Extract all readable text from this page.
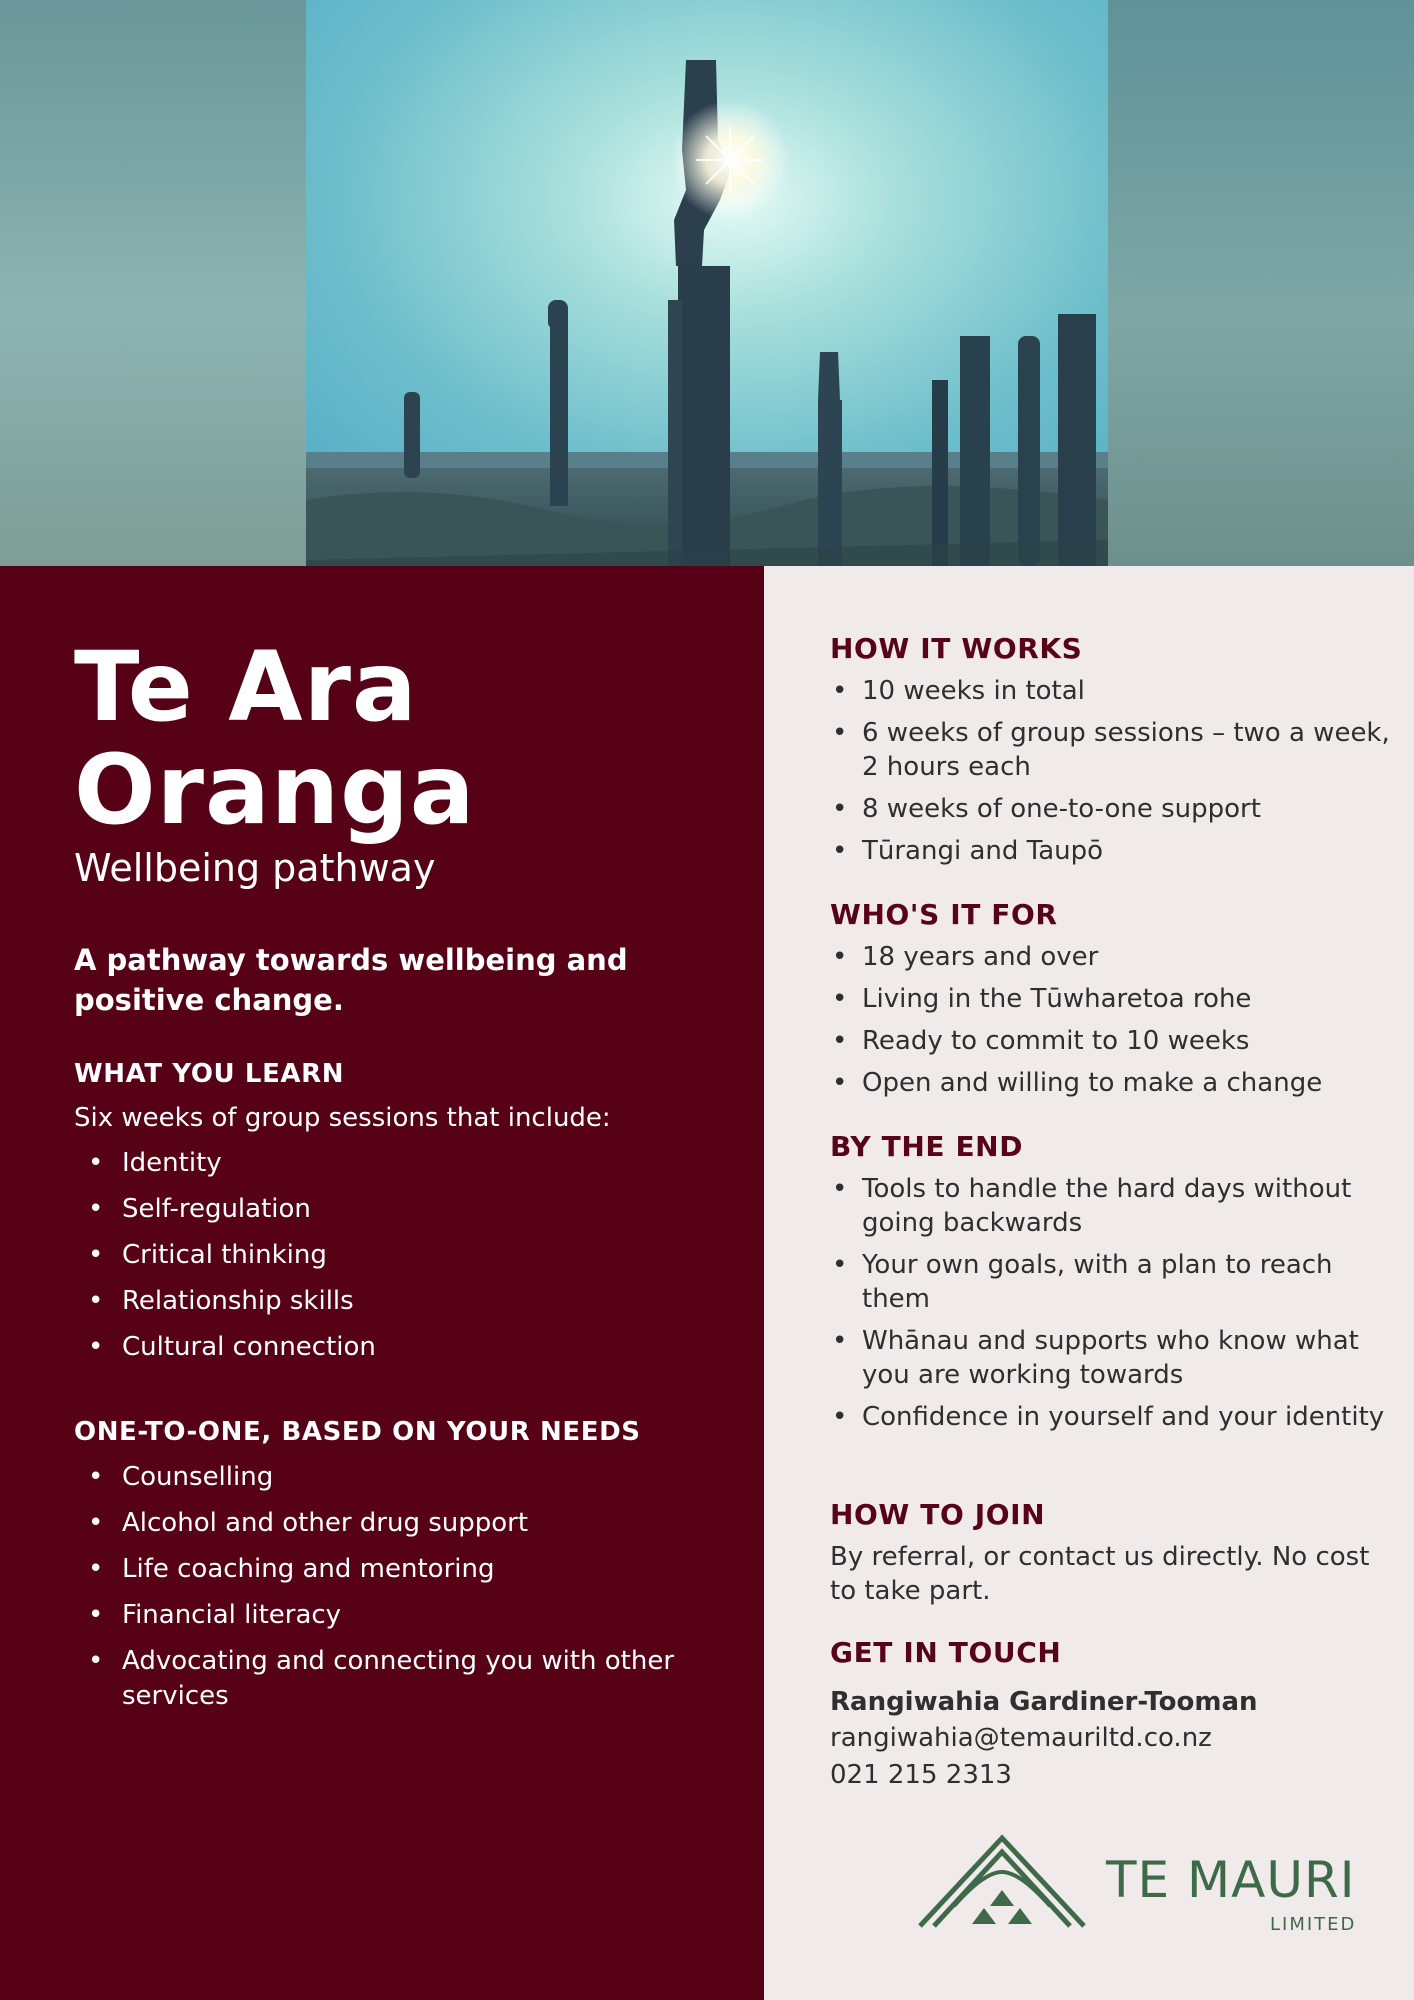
Te Ara
Oranga
Wellbeing pathway
A pathway towards wellbeing and positive change.
WHAT YOU LEARN
Six weeks of group sessions that include:
• Identity
• Self-regulation
• Critical thinking
• Relationship skills
• Cultural connection
ONE-TO-ONE, BASED ON YOUR NEEDS
• Counselling
• Alcohol and other drug support
• Life coaching and mentoring
• Financial literacy
• Advocating and connecting you with other services
HOW IT WORKS
• 10 weeks in total
• 6 weeks of group sessions – two a week, 2 hours each
• 8 weeks of one-to-one support
• Tūrangi and Taupō
WHO'S IT FOR
• 18 years and over
• Living in the Tūwharetoa rohe
• Ready to commit to 10 weeks
• Open and willing to make a change
BY THE END
• Tools to handle the hard days without going backwards
• Your own goals, with a plan to reach them
• Whānau and supports who know what you are working towards
• Confidence in yourself and your identity
HOW TO JOIN
By referral, or contact us directly. No cost to take part.
GET IN TOUCH
Rangiwahia Gardiner-Tooman
rangiwahia@temauriltd.co.nz
021 215 2313
TE MAURI
LIMITED
